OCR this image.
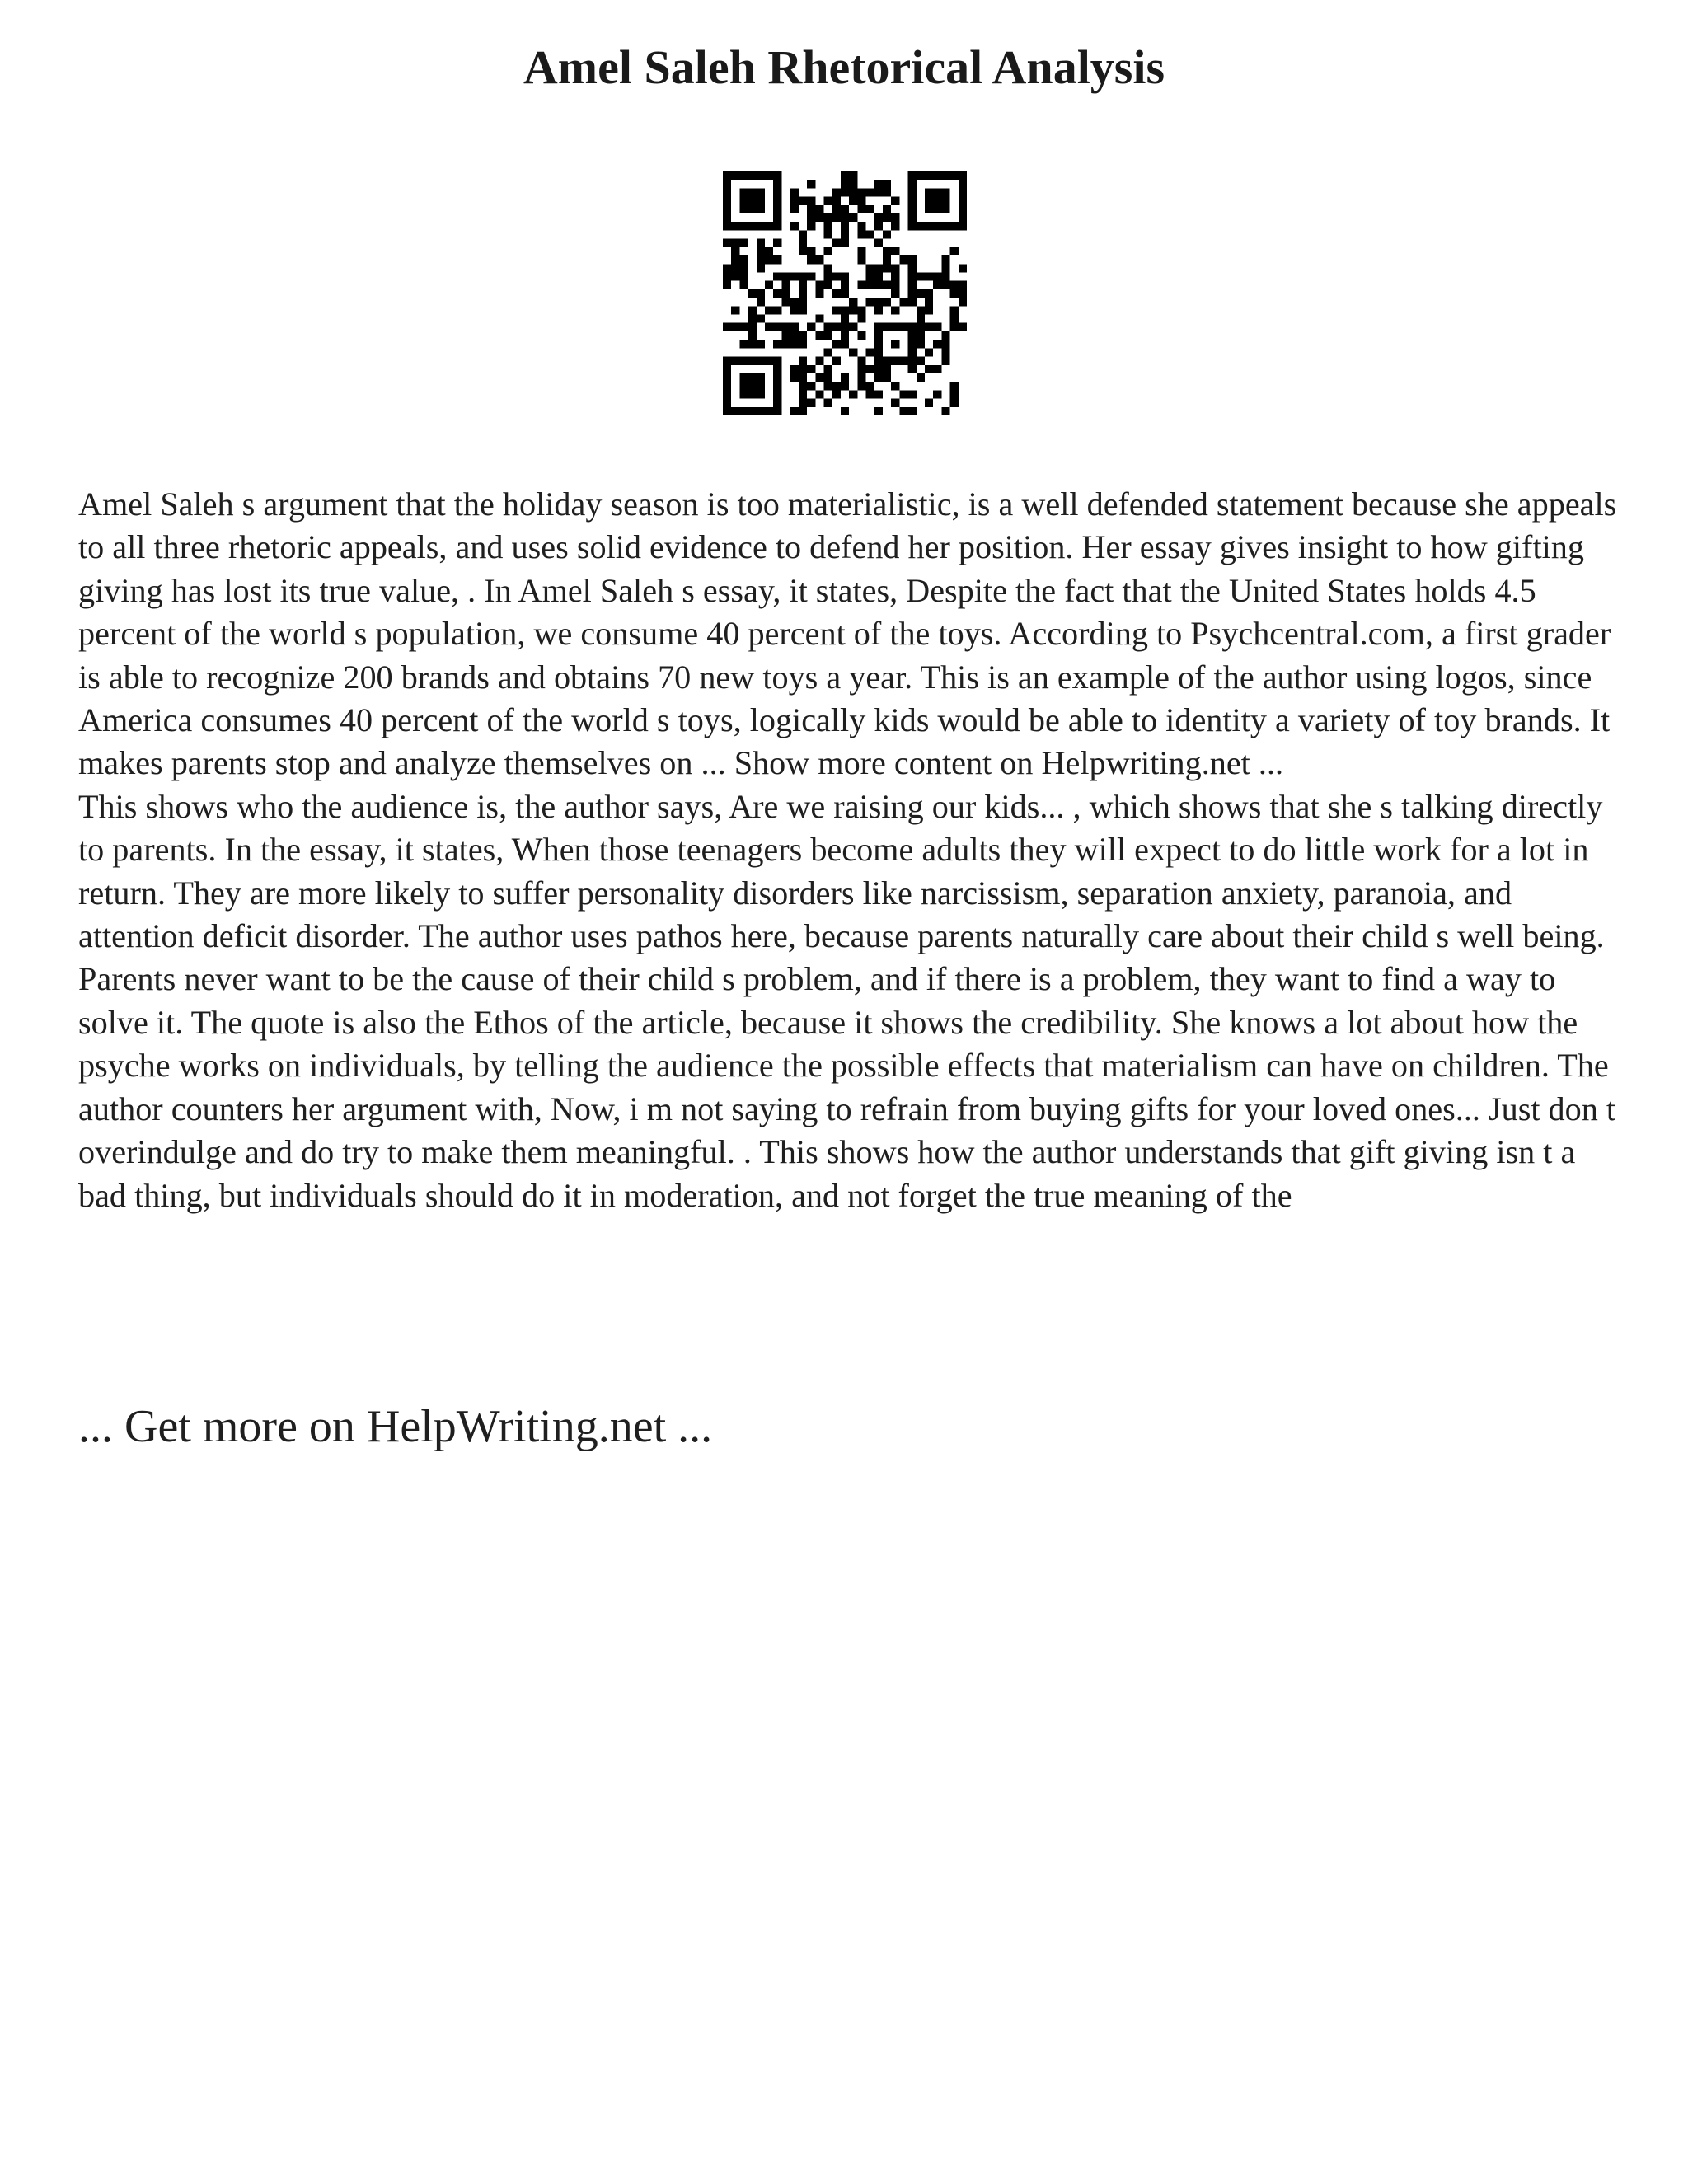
Amel Saleh Rhetorical Analysis

Amel Saleh s argument that the holiday season is too materialistic, is a well defended statement because she appeals to all three rhetoric appeals, and uses solid evidence to defend her position. Her essay gives insight to how gifting giving has lost its true value, . In Amel Saleh s essay, it states, Despite the fact that the United States holds 4.5 percent of the world s population, we consume 40 percent of the toys. According to Psychcentral.com, a first grader is able to recognize 200 brands and obtains 70 new toys a year. This is an example of the author using logos, since America consumes 40 percent of the world s toys, logically kids would be able to identity a variety of toy brands. It makes parents stop and analyze themselves on ... Show more content on Helpwriting.net ...

This shows who the audience is, the author says, Are we raising our kids... , which shows that she s talking directly to parents. In the essay, it states, When those teenagers become adults they will expect to do little work for a lot in return. They are more likely to suffer personality disorders like narcissism, separation anxiety, paranoia, and attention deficit disorder. The author uses pathos here, because parents naturally care about their child s well being. Parents never want to be the cause of their child s problem, and if there is a problem, they want to find a way to solve it. The quote is also the Ethos of the article, because it shows the credibility. She knows a lot about how the psyche works on individuals, by telling the audience the possible effects that materialism can have on children. The author counters her argument with, Now, i m not saying to refrain from buying gifts for your loved ones... Just don t overindulge and do try to make them meaningful. . This shows how the author understands that gift giving isn t a bad thing, but individuals should do it in moderation, and not forget the true meaning of the

... Get more on HelpWriting.net ...
